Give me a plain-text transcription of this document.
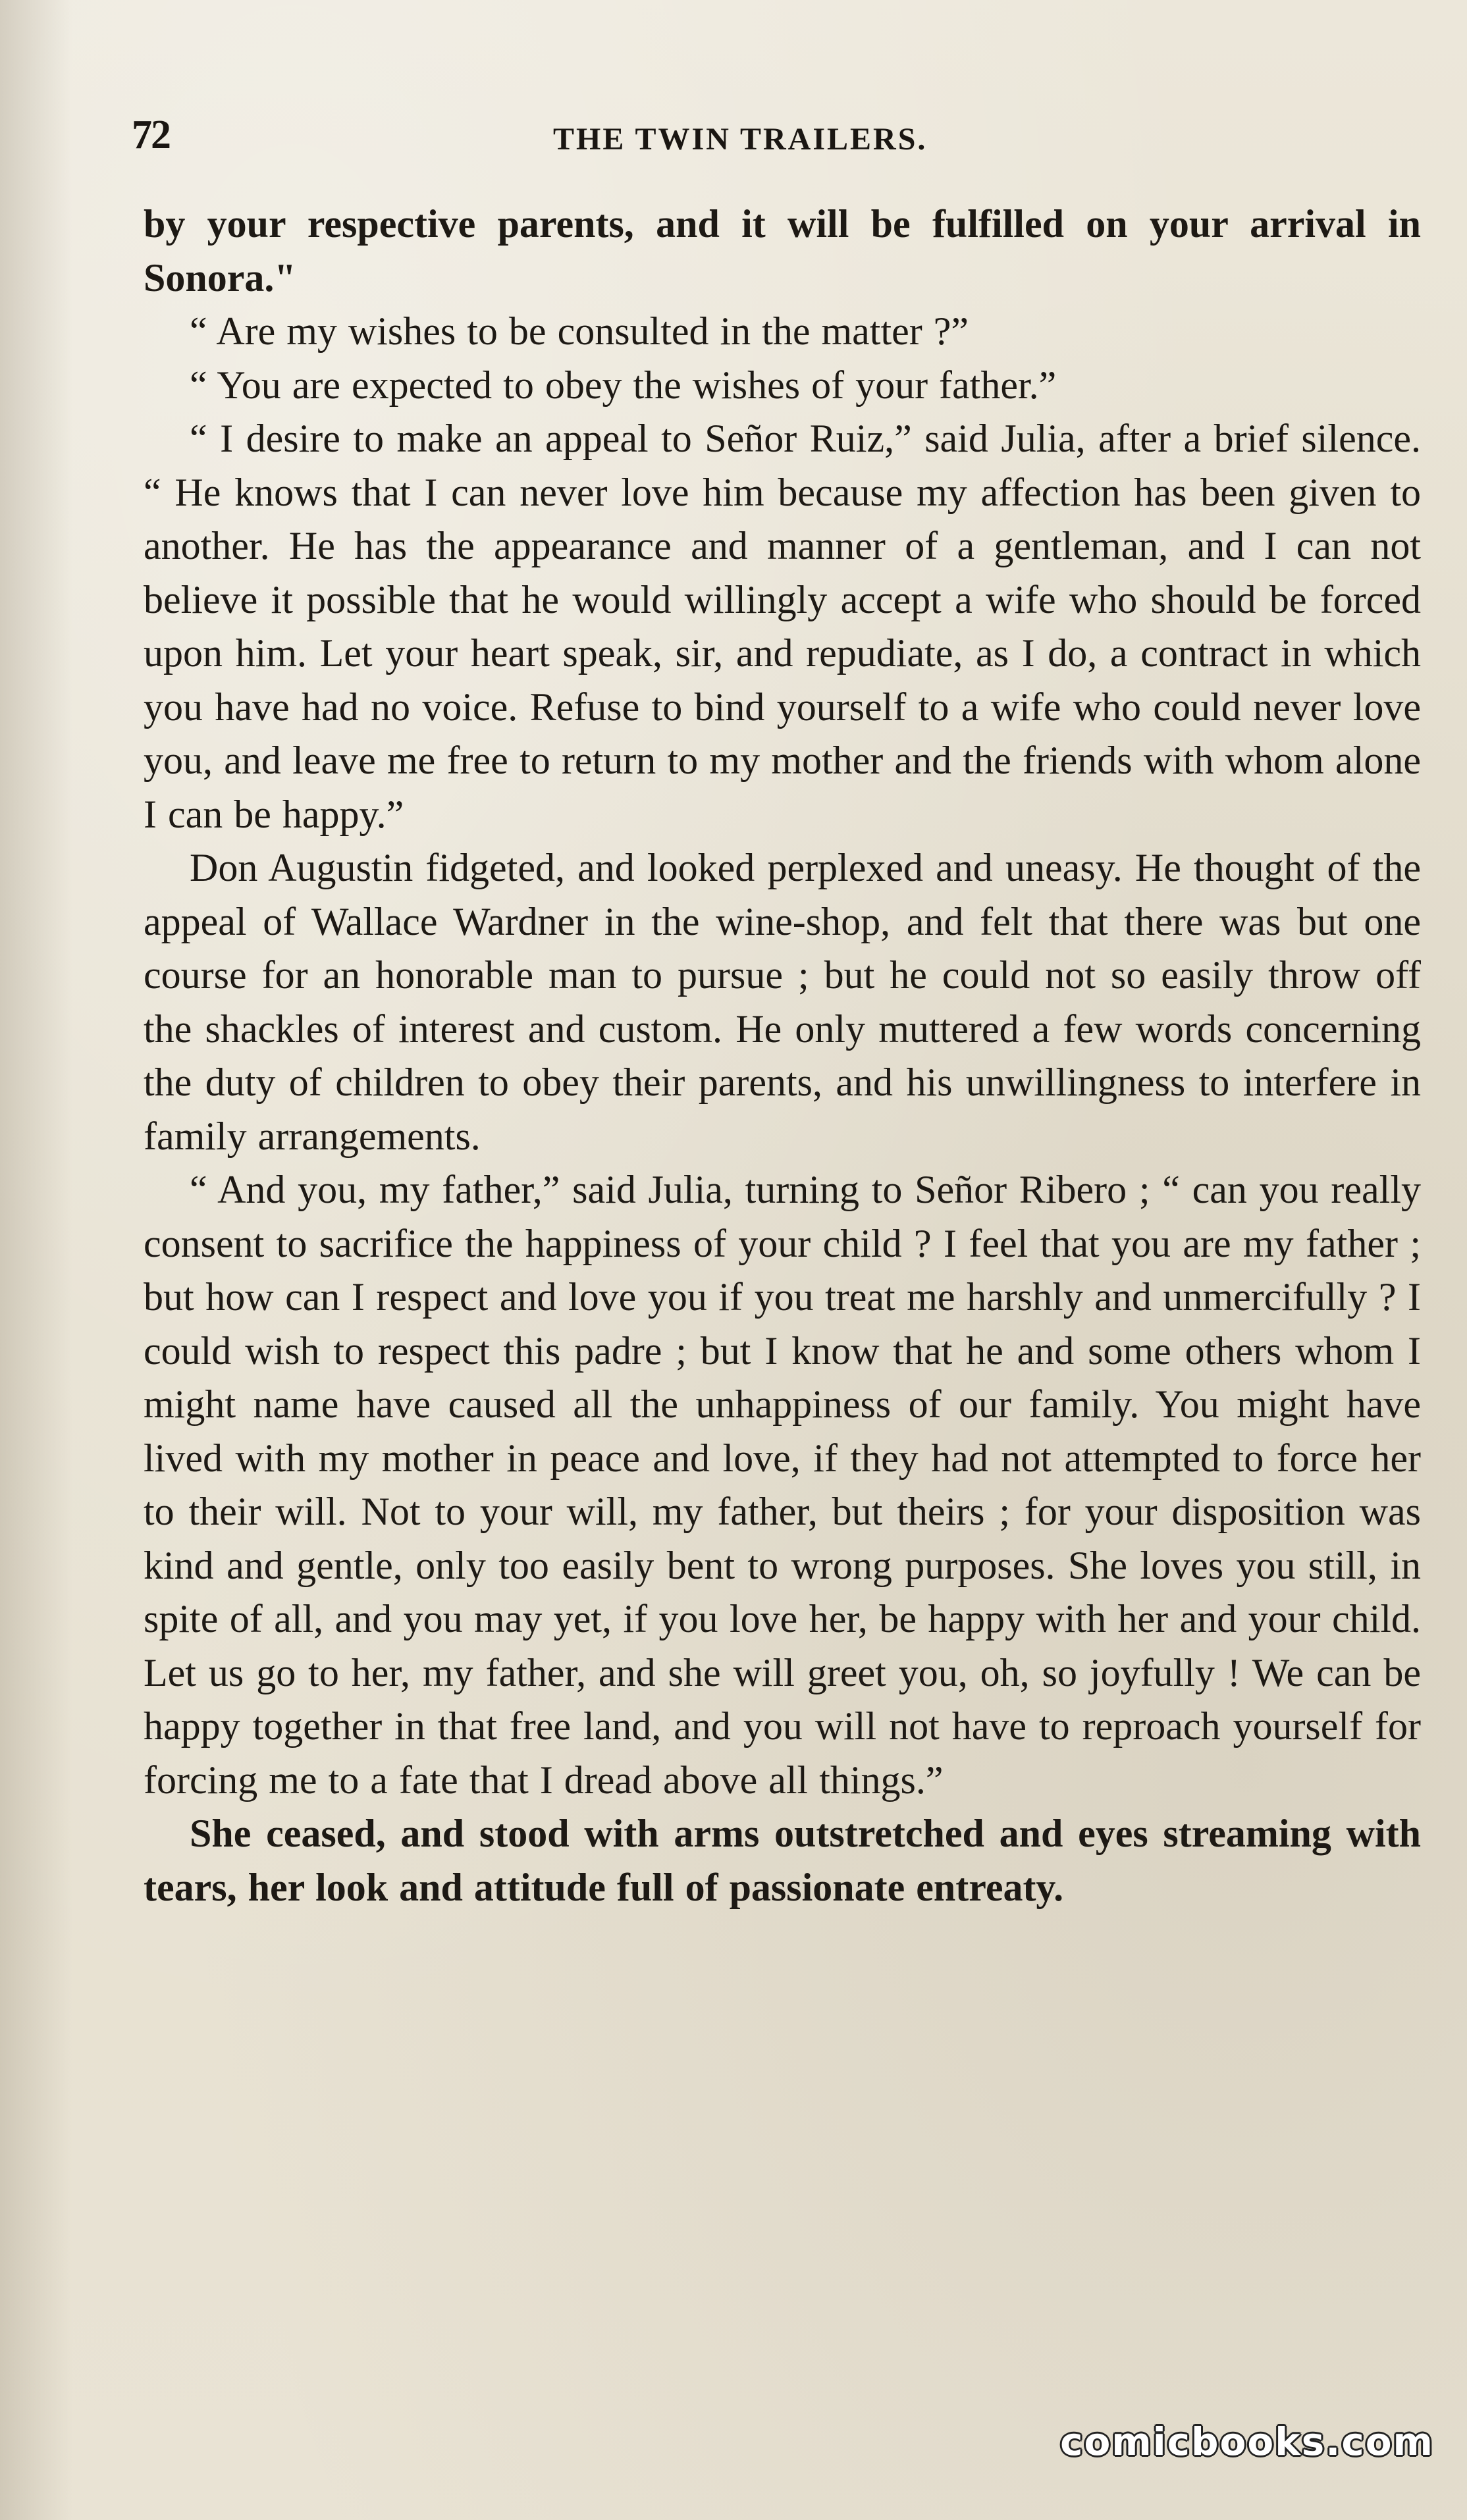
72	THE TWIN TRAILERS.

by your respective parents, and it will be fulfilled on your arrival in Sonora."

“ Are my wishes to be consulted in the matter ?”

“ You are expected to obey the wishes of your father.”

“ I desire to make an appeal to Señor Ruiz,” said Julia, after a brief silence. “ He knows that I can never love him because my affection has been given to another. He has the appearance and manner of a gentleman, and I can not believe it possible that he would willingly accept a wife who should be forced upon him. Let your heart speak, sir, and repudiate, as I do, a contract in which you have had no voice. Refuse to bind yourself to a wife who could never love you, and leave me free to return to my mother and the friends with whom alone I can be happy.”

Don Augustin fidgeted, and looked perplexed and uneasy. He thought of the appeal of Wallace Wardner in the wine-shop, and felt that there was but one course for an honorable man to pursue ; but he could not so easily throw off the shackles of interest and custom. He only muttered a few words concerning the duty of children to obey their parents, and his unwillingness to interfere in family arrangements.

“ And you, my father,” said Julia, turning to Señor Ribero ; “ can you really consent to sacrifice the happiness of your child ? I feel that you are my father ; but how can I respect and love you if you treat me harshly and unmercifully ? I could wish to respect this padre ; but I know that he and some others whom I might name have caused all the unhappiness of our family. You might have lived with my mother in peace and love, if they had not attempted to force her to their will. Not to your will, my father, but theirs ; for your disposition was kind and gentle, only too easily bent to wrong purposes. She loves you still, in spite of all, and you may yet, if you love her, be happy with her and your child. Let us go to her, my father, and she will greet you, oh, so joyfully ! We can be happy together in that free land, and you will not have to reproach yourself for forcing me to a fate that I dread above all things.”

She ceased, and stood with arms outstretched and eyes streaming with tears, her look and attitude full of passionate entreaty.

comicbooks.com
